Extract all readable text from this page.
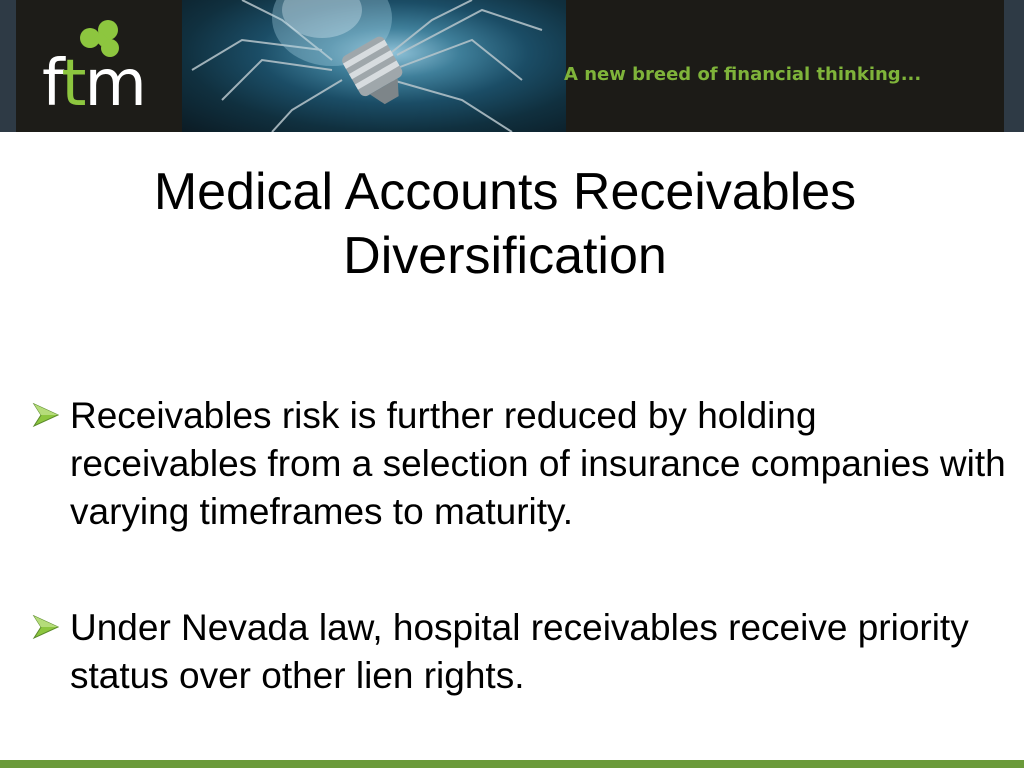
ftm	A new breed of financial thinking...
Medical Accounts Receivables
Diversification
Receivables risk is further reduced by holding receivables from a selection of insurance companies with varying timeframes to maturity.
Under Nevada law, hospital receivables receive priority status over other lien rights.
